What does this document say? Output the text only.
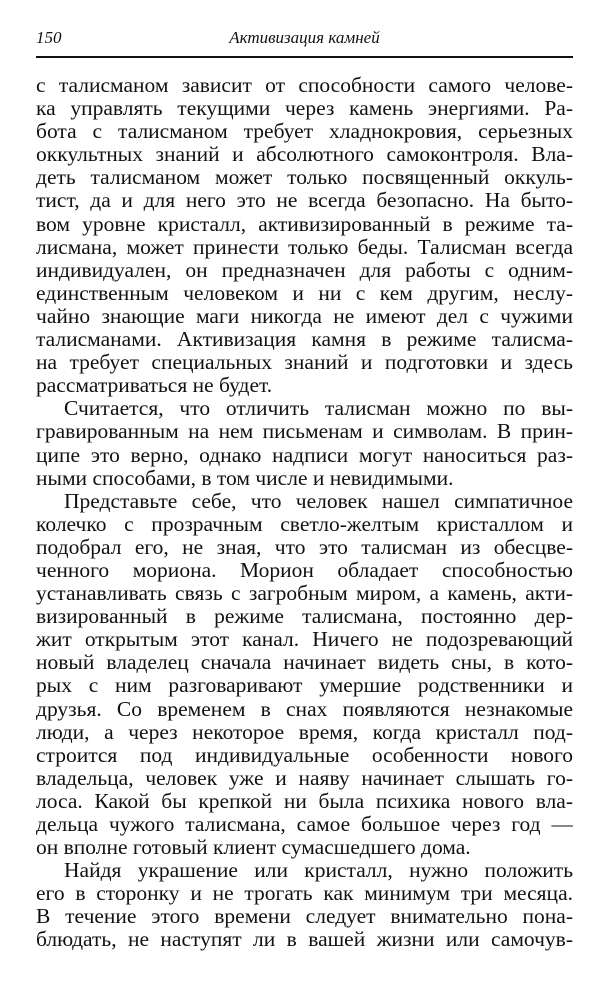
150	Активизация камней
с талисманом зависит от способности самого челове-
ка управлять текущими через камень энергиями. Ра-
бота с талисманом требует хладнокровия, серьезных
оккультных знаний и абсолютного самоконтроля. Вла-
деть талисманом может только посвященный оккуль-
тист, да и для него это не всегда безопасно. На быто-
вом уровне кристалл, активизированный в режиме та-
лисмана, может принести только беды. Талисман всегда
индивидуален, он предназначен для работы с одним-
единственным человеком и ни с кем другим, неслу-
чайно знающие маги никогда не имеют дел с чужими
талисманами. Активизация камня в режиме талисма-
на требует специальных знаний и подготовки и здесь
рассматриваться не будет.
Считается, что отличить талисман можно по вы-
гравированным на нем письменам и символам. В прин-
ципе это верно, однако надписи могут наноситься раз-
ными способами, в том числе и невидимыми.
Представьте себе, что человек нашел симпатичное
колечко с прозрачным светло-желтым кристаллом и
подобрал его, не зная, что это талисман из обесцве-
ченного мориона. Морион обладает способностью
устанавливать связь с загробным миром, а камень, акти-
визированный в режиме талисмана, постоянно дер-
жит открытым этот канал. Ничего не подозревающий
новый владелец сначала начинает видеть сны, в кото-
рых с ним разговаривают умершие родственники и
друзья. Со временем в снах появляются незнакомые
люди, а через некоторое время, когда кристалл под-
строится под индивидуальные особенности нового
владельца, человек уже и наяву начинает слышать го-
лоса. Какой бы крепкой ни была психика нового вла-
дельца чужого талисмана, самое большое через год —
он вполне готовый клиент сумасшедшего дома.
Найдя украшение или кристалл, нужно положить
его в сторонку и не трогать как минимум три месяца.
В течение этого времени следует внимательно пона-
блюдать, не наступят ли в вашей жизни или самочув-
